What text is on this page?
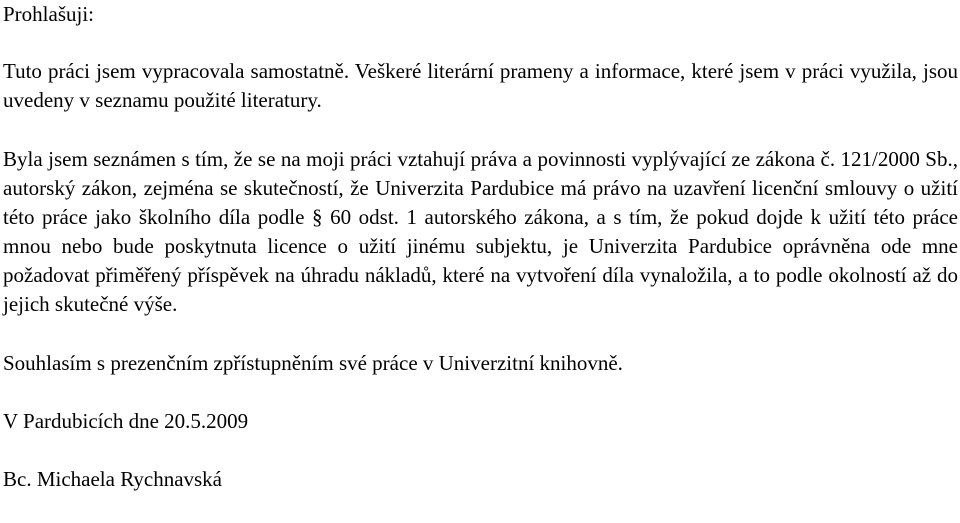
Prohlašuji:

Tuto práci jsem vypracovala samostatně. Veškeré literární prameny a informace, které jsem v práci využila, jsou uvedeny v seznamu použité literatury.

Byla jsem seznámen s tím, že se na moji práci vztahují práva a povinnosti vyplývající ze zákona č. 121/2000 Sb., autorský zákon, zejména se skutečností, že Univerzita Pardubice má právo na uzavření licenční smlouvy o užití této práce jako školního díla podle § 60 odst. 1 autorského zákona, a s tím, že pokud dojde k užití této práce mnou nebo bude poskytnuta licence o užití jinému subjektu, je Univerzita Pardubice oprávněna ode mne požadovat přiměřený příspěvek na úhradu nákladů, které na vytvoření díla vynaložila, a to podle okolností až do jejich skutečné výše.

Souhlasím s prezenčním zpřístupněním své práce v Univerzitní knihovně.

V Pardubicích dne 20.5.2009

Bc. Michaela Rychnavská
